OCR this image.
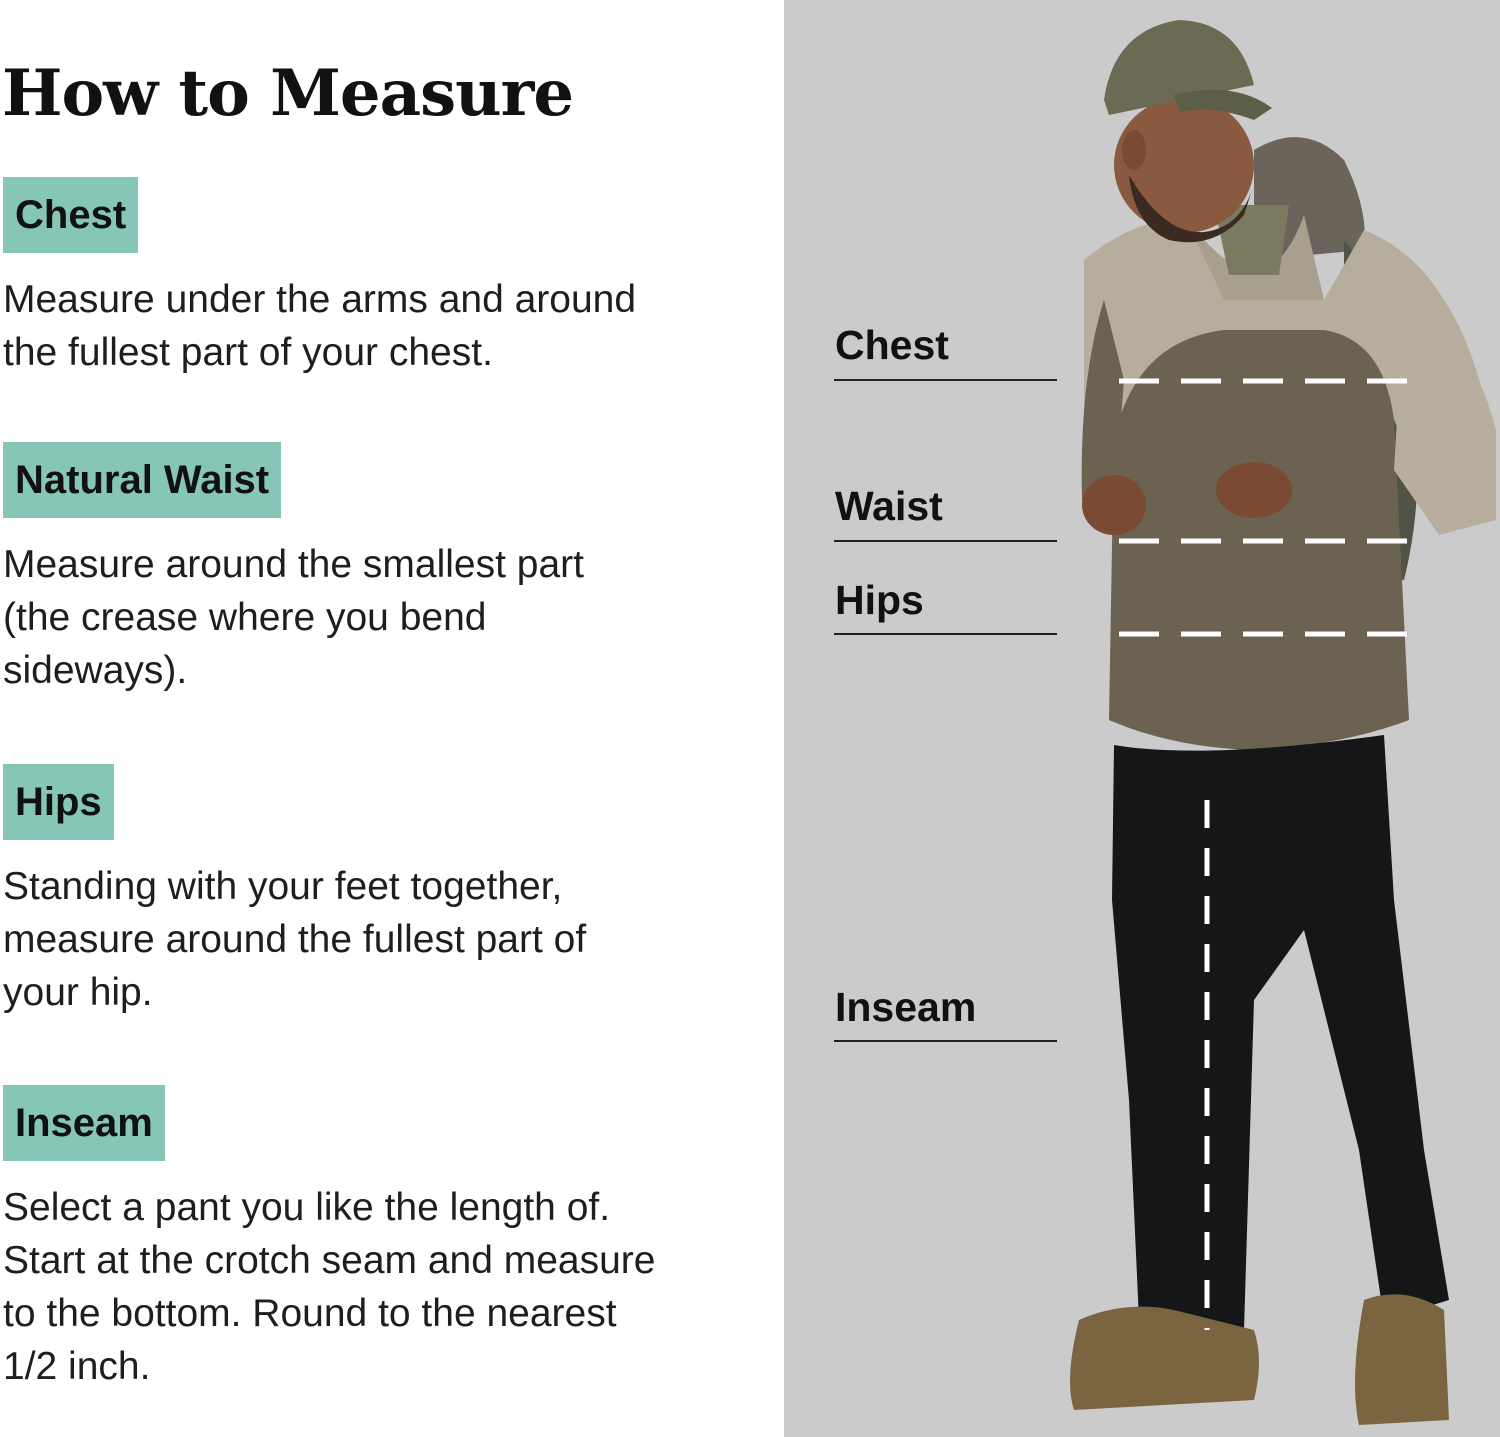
How to Measure
Chest
Measure under the arms and around
the fullest part of your chest.
Natural Waist
Measure around the smallest part
(the crease where you bend
sideways).
Hips
Standing with your feet together,
measure around the fullest part of
your hip.
Inseam
Select a pant you like the length of.
Start at the crotch seam and measure
to the bottom. Round to the nearest
1/2 inch.
Chest
Waist
Hips
Inseam
